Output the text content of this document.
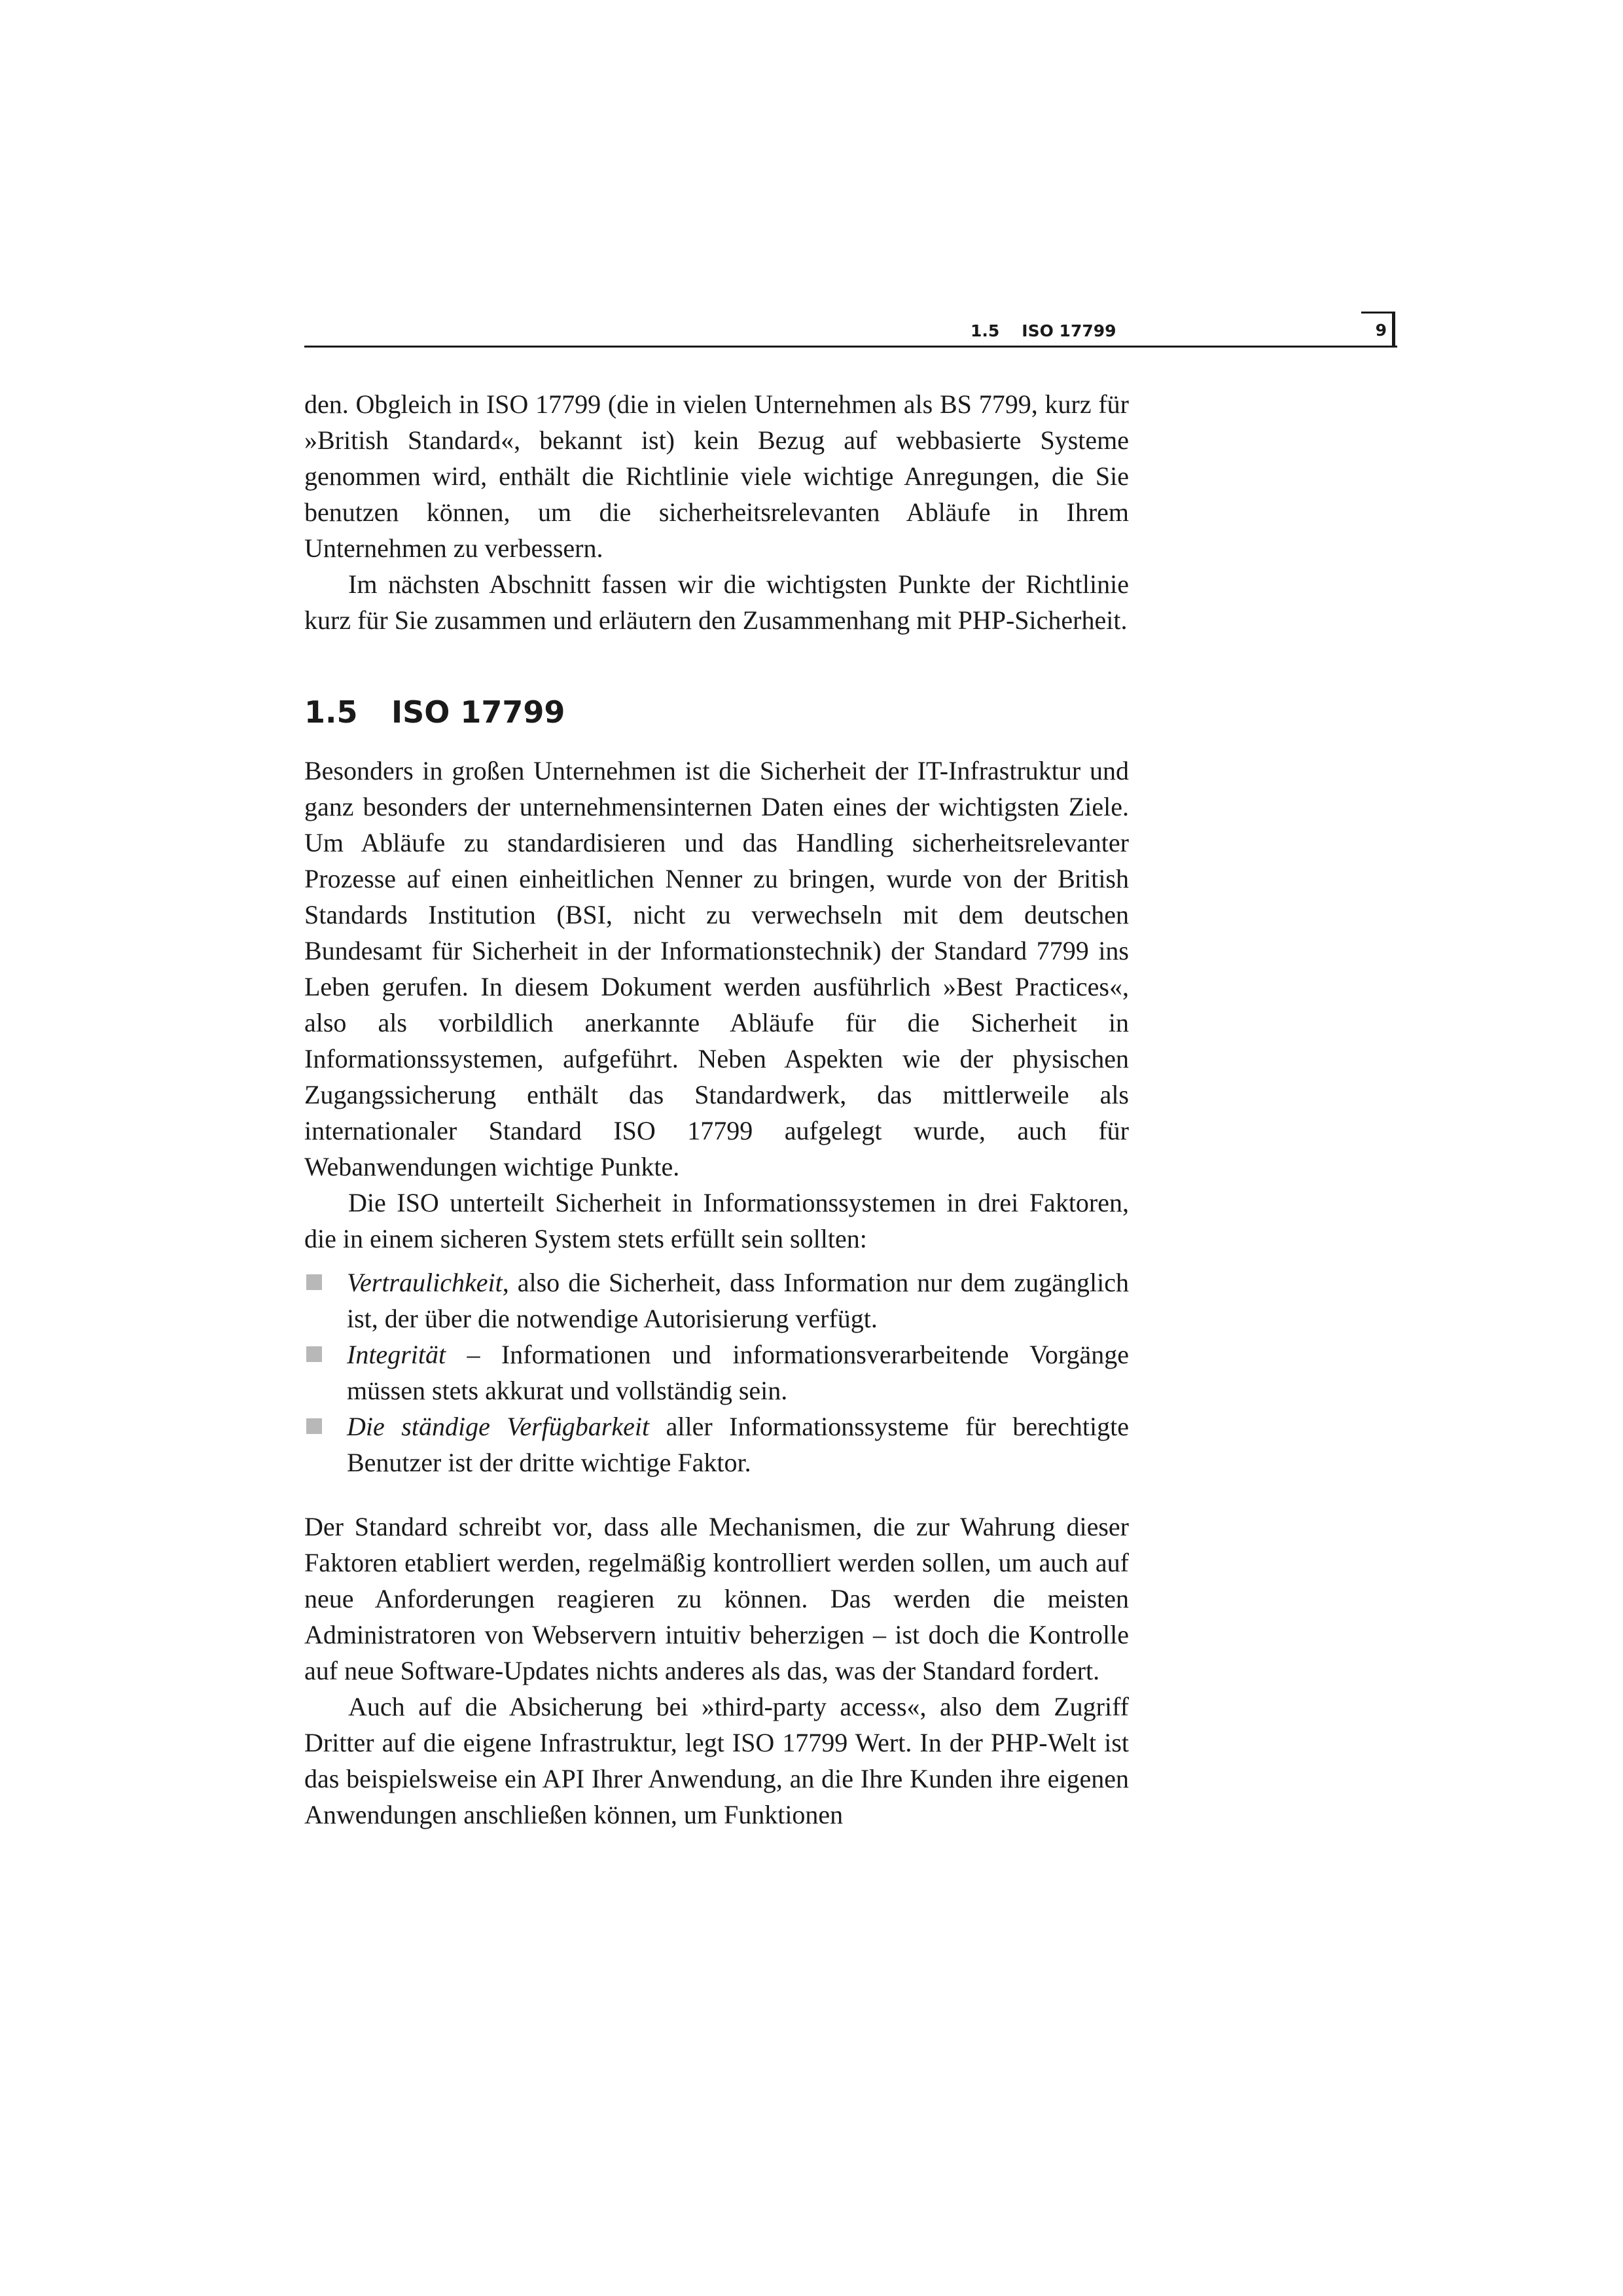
1.5 ISO 17799	9

den. Obgleich in ISO 17799 (die in vielen Unternehmen als BS 7799, kurz für »British Standard«, bekannt ist) kein Bezug auf webbasierte Systeme genommen wird, enthält die Richtlinie viele wichtige Anregungen, die Sie benutzen können, um die sicherheitsrelevanten Abläufe in Ihrem Unternehmen zu verbessern.

Im nächsten Abschnitt fassen wir die wichtigsten Punkte der Richtlinie kurz für Sie zusammen und erläutern den Zusammenhang mit PHP-Sicherheit.

1.5 ISO 17799

Besonders in großen Unternehmen ist die Sicherheit der IT-Infrastruktur und ganz besonders der unternehmensinternen Daten eines der wichtigsten Ziele. Um Abläufe zu standardisieren und das Handling sicherheitsrelevanter Prozesse auf einen einheitlichen Nenner zu bringen, wurde von der British Standards Institution (BSI, nicht zu verwechseln mit dem deutschen Bundesamt für Sicherheit in der Informationstechnik) der Standard 7799 ins Leben gerufen. In diesem Dokument werden ausführlich »Best Practices«, also als vorbildlich anerkannte Abläufe für die Sicherheit in Informationssystemen, aufgeführt. Neben Aspekten wie der physischen Zugangssicherung enthält das Standardwerk, das mittlerweile als internationaler Standard ISO 17799 aufgelegt wurde, auch für Webanwendungen wichtige Punkte.

Die ISO unterteilt Sicherheit in Informationssystemen in drei Faktoren, die in einem sicheren System stets erfüllt sein sollten:

Vertraulichkeit, also die Sicherheit, dass Information nur dem zugänglich ist, der über die notwendige Autorisierung verfügt.
Integrität – Informationen und informationsverarbeitende Vorgänge müssen stets akkurat und vollständig sein.
Die ständige Verfügbarkeit aller Informationssysteme für berechtigte Benutzer ist der dritte wichtige Faktor.

Der Standard schreibt vor, dass alle Mechanismen, die zur Wahrung dieser Faktoren etabliert werden, regelmäßig kontrolliert werden sollen, um auch auf neue Anforderungen reagieren zu können. Das werden die meisten Administratoren von Webservern intuitiv beherzigen – ist doch die Kontrolle auf neue Software-Updates nichts anderes als das, was der Standard fordert.

Auch auf die Absicherung bei »third-party access«, also dem Zugriff Dritter auf die eigene Infrastruktur, legt ISO 17799 Wert. In der PHP-Welt ist das beispielsweise ein API Ihrer Anwendung, an die Ihre Kunden ihre eigenen Anwendungen anschließen können, um Funktionen
